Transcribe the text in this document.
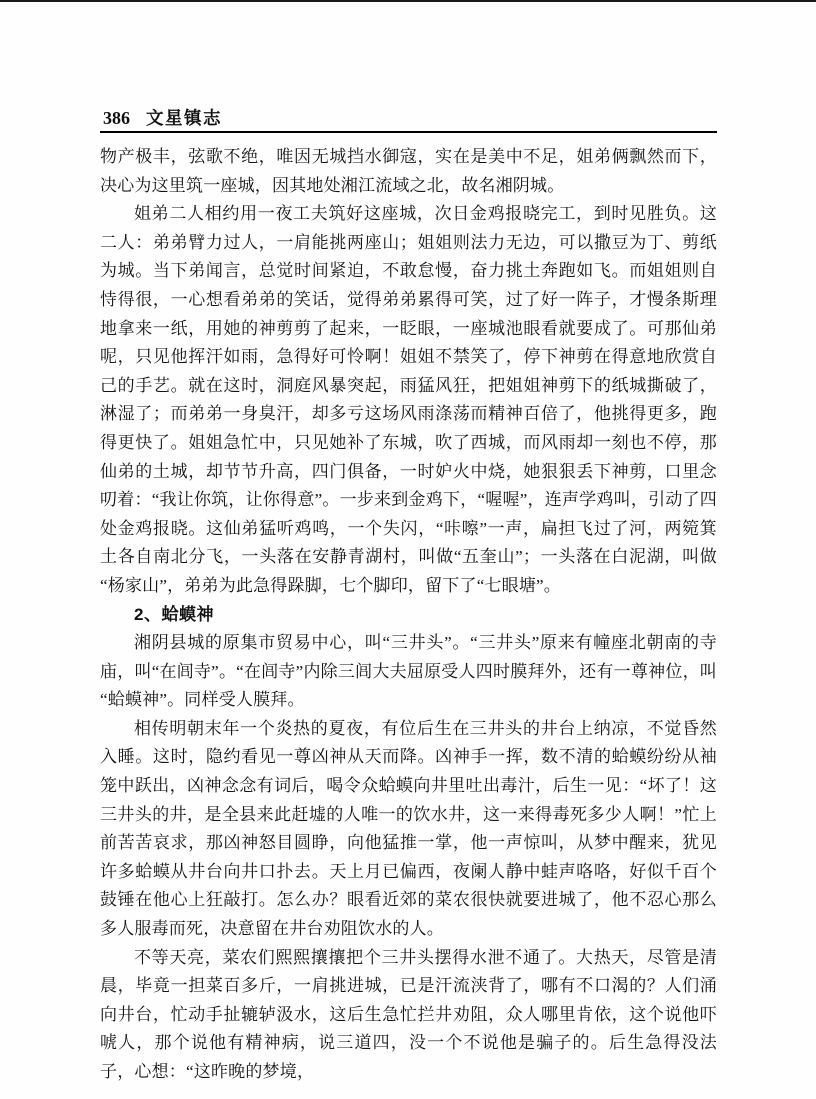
386 文星镇志

物产极丰，弦歌不绝，唯因无城挡水御寇，实在是美中不足，姐弟俩飘然而下，决心为这里筑一座城，因其地处湘江流域之北，故名湘阴城。

姐弟二人相约用一夜工夫筑好这座城，次日金鸡报晓完工，到时见胜负。这二人：弟弟臂力过人，一肩能挑两座山；姐姐则法力无边，可以撒豆为丁、剪纸为城。当下弟闻言，总觉时间紧迫，不敢怠慢，奋力挑土奔跑如飞。而姐姐则自恃得很，一心想看弟弟的笑话，觉得弟弟累得可笑，过了好一阵子，才慢条斯理地拿来一纸，用她的神剪剪了起来，一眨眼，一座城池眼看就要成了。可那仙弟呢，只见他挥汗如雨，急得好可怜啊！姐姐不禁笑了，停下神剪在得意地欣赏自己的手艺。就在这时，洞庭风暴突起，雨猛风狂，把姐姐神剪下的纸城撕破了，淋湿了；而弟弟一身臭汗，却多亏这场风雨涤荡而精神百倍了，他挑得更多，跑得更快了。姐姐急忙中，只见她补了东城，吹了西城，而风雨却一刻也不停，那仙弟的土城，却节节升高，四门俱备，一时妒火中烧，她狠狠丢下神剪，口里念叨着：“我让你筑，让你得意”。一步来到金鸡下，“喔喔”，连声学鸡叫，引动了四处金鸡报晓。这仙弟猛听鸡鸣，一个失闪，“咔嚓”一声，扁担飞过了河，两箢箕土各自南北分飞，一头落在安静青湖村，叫做“五奎山”；一头落在白泥湖，叫做“杨家山”，弟弟为此急得跺脚，七个脚印，留下了“七眼塘”。

2、蛤蟆神

湘阴县城的原集市贸易中心，叫“三井头”。“三井头”原来有幢座北朝南的寺庙，叫“在闾寺”。“在闾寺”内除三闾大夫屈原受人四时膜拜外，还有一尊神位，叫“蛤蟆神”。同样受人膜拜。

相传明朝末年一个炎热的夏夜，有位后生在三井头的井台上纳凉，不觉昏然入睡。这时，隐约看见一尊凶神从天而降。凶神手一挥，数不清的蛤蟆纷纷从袖笼中跃出，凶神念念有词后，喝令众蛤蟆向井里吐出毒汁，后生一见：“坏了！这三井头的井，是全县来此赶墟的人唯一的饮水井，这一来得毒死多少人啊！”忙上前苦苦哀求，那凶神怒目圆睁，向他猛推一掌，他一声惊叫，从梦中醒来，犹见许多蛤蟆从井台向井口扑去。天上月已偏西，夜阑人静中蛙声咯咯，好似千百个鼓锤在他心上狂敲打。怎么办？眼看近郊的菜农很快就要进城了，他不忍心那么多人服毒而死，决意留在井台劝阻饮水的人。

不等天亮，菜农们熙熙攘攘把个三井头摆得水泄不通了。大热天，尽管是清晨，毕竟一担菜百多斤，一肩挑进城，已是汗流浃背了，哪有不口渴的？人们涌向井台，忙动手扯辘轳汲水，这后生急忙拦井劝阻，众人哪里肯依，这个说他吓唬人，那个说他有精神病，说三道四，没一个不说他是骗子的。后生急得没法子，心想：“这昨晚的梦境，
